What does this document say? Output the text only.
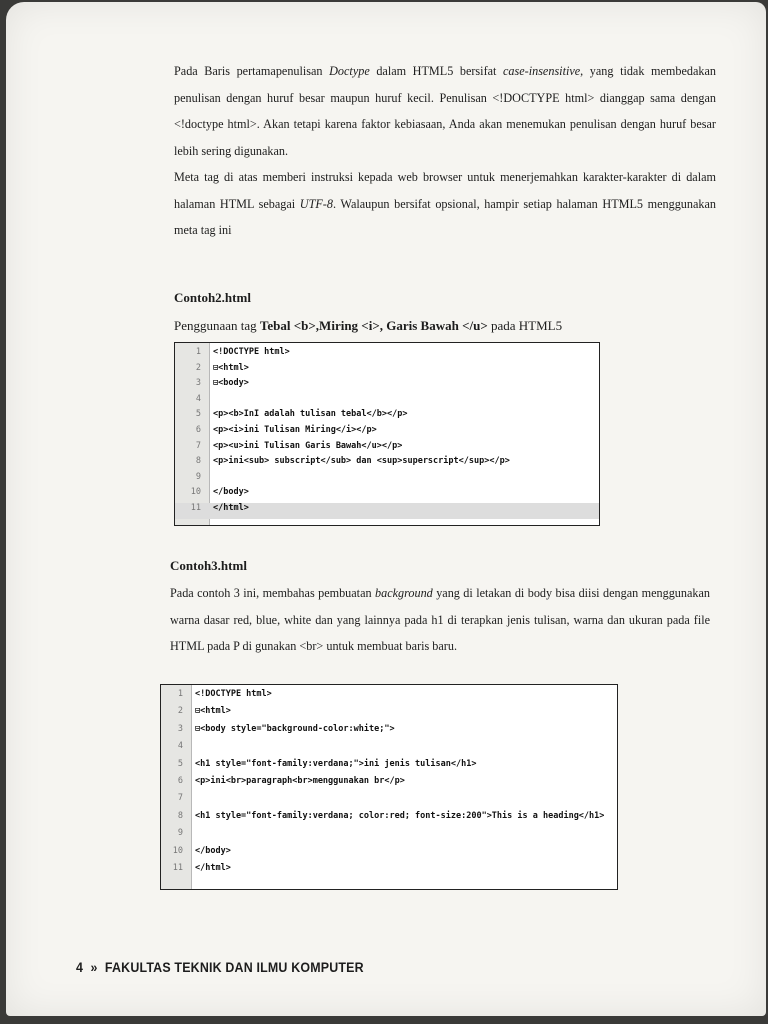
Pada Baris pertamapenulisan Doctype dalam HTML5 bersifat case-insensitive, yang tidak membedakan penulisan dengan huruf besar maupun huruf kecil. Penulisan <!DOCTYPE html> dianggap sama dengan <!doctype html>. Akan tetapi karena faktor kebiasaan, Anda akan menemukan penulisan dengan huruf besar lebih sering digunakan.

Meta tag di atas memberi instruksi kepada web browser untuk menerjemahkan karakter-karakter di dalam halaman HTML sebagai UTF-8. Walaupun bersifat opsional, hampir setiap halaman HTML5 menggunakan meta tag ini

Contoh2.html
Penggunaan tag Tebal <b>,Miring <i>, Garis Bawah </u> pada HTML5
1 <!DOCTYPE html>
2 ⊟<html>
3 ⊟<body>
4
5 <p><b>InI adalah tulisan tebal</b></p>
6 <p><i>ini Tulisan Miring</i></p>
7 <p><u>ini Tulisan Garis Bawah</u></p>
8 <p>ini<sub> subscript</sub> dan <sup>superscript</sup></p>
9
10 </body>
11 </html>
Contoh3.html

Pada contoh 3 ini, membahas pembuatan background yang di letakan di body bisa diisi dengan menggunakan warna dasar red, blue, white dan yang lainnya pada h1 di terapkan jenis tulisan, warna dan ukuran pada file HTML pada P di gunakan <br> untuk membuat baris baru.

1 <!DOCTYPE html>
2 ⊟<html>
3 ⊟<body style="background-color:white;">
4
5 <h1 style="font-family:verdana;">ini jenis tulisan</h1>
6 <p>ini<br>paragraph<br>menggunakan br</p>
7
8 <h1 style="font-family:verdana; color:red; font-size:200">This is a heading</h1>
9
10 </body>
11 </html>
4 » FAKULTAS TEKNIK DAN ILMU KOMPUTER
